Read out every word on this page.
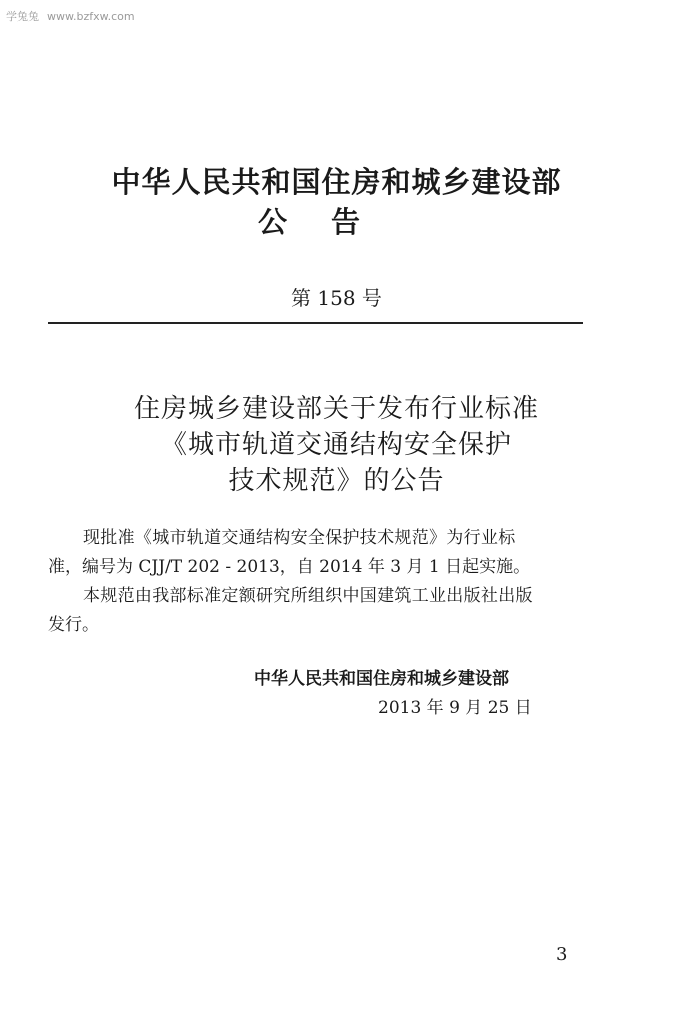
学兔兔 www.bzfxw.com
中华人民共和国住房和城乡建设部
公告
第 158 号
住房城乡建设部关于发布行业标准
《城市轨道交通结构安全保护
技术规范》的公告
现批准《城市轨道交通结构安全保护技术规范》为行业标
准，编号为 CJJ/T 202 - 2013，自 2014 年 3 月 1 日起实施。
本规范由我部标准定额研究所组织中国建筑工业出版社出版
发行。
中华人民共和国住房和城乡建设部
2013 年 9 月 25 日
3
